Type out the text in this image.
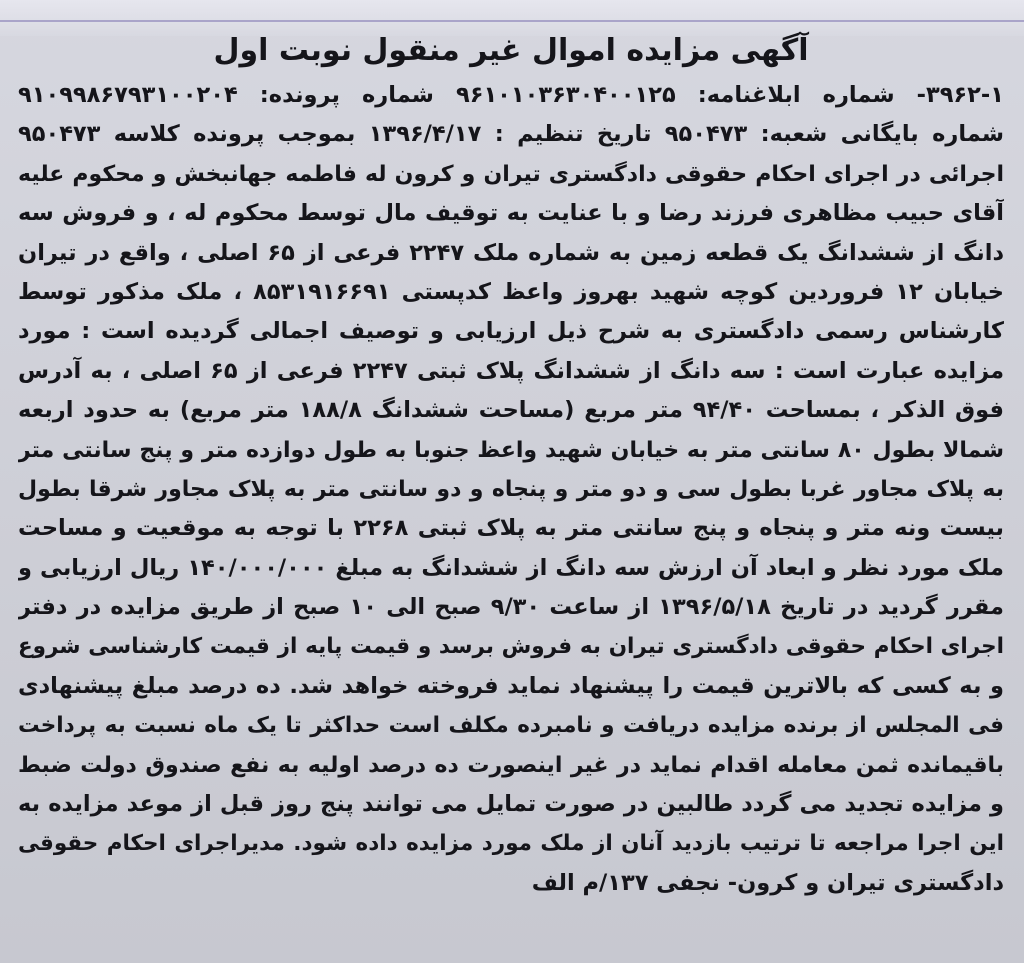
آگهی مزایده اموال غیر منقول نوبت اول
۳۹۶۲-۱- شماره ابلاغنامه: ۹۶۱۰۱۰۳۶۳۰۴۰۰۱۲۵ شماره پرونده: ۹۱۰۹۹۸۶۷۹۳۱۰۰۲۰۴
شماره بایگانی شعبه: ۹۵۰۴۷۳ تاریخ تنظیم : ۱۳۹۶/۴/۱۷ بموجب پرونده کلاسه ۹۵۰۴۷۳
اجرائی در اجرای احکام حقوقی دادگستری تیران و کرون له فاطمه جهانبخش و محکوم علیه
آقای حبیب مظاهری فرزند رضا و با عنایت به توقیف مال توسط محکوم له ، و فروش سه
دانگ از ششدانگ یک قطعه زمین به شماره ملک ۲۲۴۷ فرعی از ۶۵ اصلی ، واقع در تیران
خیابان ۱۲ فروردین کوچه شهید بهروز واعظ کدپستی ۸۵۳۱۹۱۶۶۹۱ ، ملک مذکور توسط
کارشناس رسمی دادگستری به شرح ذیل ارزیابی و توصیف اجمالی گردیده است : مورد
مزایده عبارت است : سه دانگ از ششدانگ پلاک ثبتی ۲۲۴۷ فرعی از ۶۵ اصلی ، به آدرس
فوق الذکر ، بمساحت ۹۴/۴۰ متر مربع (مساحت ششدانگ ۱۸۸/۸ متر مربع) به حدود اربعه
شمالا بطول ۸۰ سانتی متر به خیابان شهید واعظ جنوبا به طول دوازده متر و پنج سانتی متر
به پلاک مجاور غربا بطول سی و دو متر و پنجاه و دو سانتی متر به پلاک مجاور شرقا بطول
بیست ونه متر و پنجاه و پنج سانتی متر به پلاک ثبتی ۲۲۶۸ با توجه به موقعیت و مساحت
ملک مورد نظر و ابعاد آن ارزش سه دانگ از ششدانگ به مبلغ ۱۴۰/۰۰۰/۰۰۰ ریال ارزیابی و
مقرر گردید در تاریخ ۱۳۹۶/۵/۱۸ از ساعت ۹/۳۰ صبح الی ۱۰ صبح از طریق مزایده در دفتر
اجرای احکام حقوقی دادگستری تیران به فروش برسد و قیمت پایه از قیمت کارشناسی شروع
و به کسی که بالاترین قیمت را پیشنهاد نماید فروخته خواهد شد. ده درصد مبلغ پیشنهادی
فی المجلس از برنده مزایده دریافت و نامبرده مکلف است حداکثر تا یک ماه نسبت به پرداخت
باقیمانده ثمن معامله اقدام نماید در غیر اینصورت ده درصد اولیه به نفع صندوق دولت ضبط
و مزایده تجدید می گردد طالبین در صورت تمایل می توانند پنج روز قبل از موعد مزایده به
این اجرا مراجعه تا ترتیب بازدید آنان از ملک مورد مزایده داده شود. مدیراجرای احکام حقوقی
دادگستری تیران و کرون- نجفی ۱۳۷/م الف
